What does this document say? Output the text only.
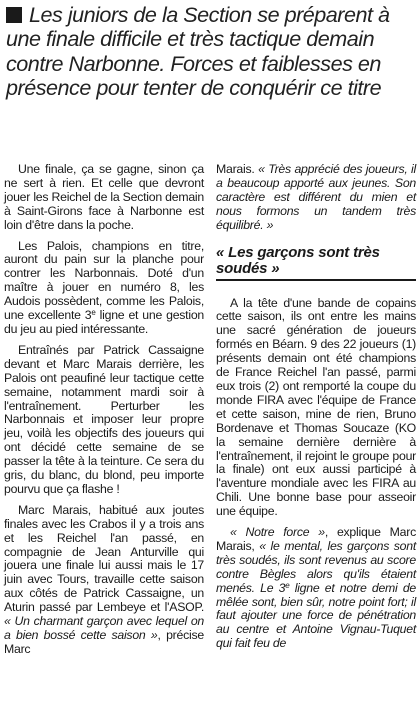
Les juniors de la Section se préparent à une finale difficile et très tactique demain contre Narbonne. Forces et faiblesses en présence pour tenter de conquérir ce titre

Une finale, ça se gagne, sinon ça ne sert à rien. Et celle que devront jouer les Reichel de la Section demain à Saint-Girons face à Narbonne est loin d'être dans la poche.

Les Palois, champions en titre, auront du pain sur la planche pour contrer les Narbonnais. Doté d'un maître à jouer en numéro 8, les Audois possèdent, comme les Palois, une excellente 3e ligne et une gestion du jeu au pied intéressante.

Entraînés par Patrick Cassaigne devant et Marc Marais derrière, les Palois ont peaufiné leur tactique cette semaine, notamment mardi soir à l'entraînement. Perturber les Narbonnais et imposer leur propre jeu, voilà les objectifs des joueurs qui ont décidé cette semaine de se passer la tête à la teinture. Ce sera du gris, du blanc, du blond, peu importe pourvu que ça flashe !

Marc Marais, habitué aux joutes finales avec les Crabos il y a trois ans et les Reichel l'an passé, en compagnie de Jean Anturville qui jouera une finale lui aussi mais le 17 juin avec Tours, travaille cette saison aux côtés de Patrick Cassaigne, un Aturin passé par Lembeye et l'ASOP. « Un charmant garçon avec lequel on a bien bossé cette saison », précise Marc

Marais. « Très apprécié des joueurs, il a beaucoup apporté aux jeunes. Son caractère est différent du mien et nous formons un tandem très équilibré. »

« Les garçons sont très soudés »

A la tête d'une bande de copains cette saison, ils ont entre les mains une sacré génération de joueurs formés en Béarn. 9 des 22 joueurs (1) présents demain ont été champions de France Reichel l'an passé, parmi eux trois (2) ont remporté la coupe du monde FIRA avec l'équipe de France et cette saison, mine de rien, Bruno Bordenave et Thomas Soucaze (KO la semaine dernière dernière à l'entraînement, il rejoint le groupe pour la finale) ont eux aussi participé à l'aventure mondiale avec les FIRA au Chili. Une bonne base pour asseoir une équipe.

« Notre force », explique Marc Marais, « le mental, les garçons sont très soudés, ils sont revenus au score contre Bègles alors qu'ils étaient menés. Le 3e ligne et notre demi de mêlée sont, bien sûr, notre point fort; il faut ajouter une force de pénétration au centre et Antoine Vignau-Tuquet qui fait feu de
